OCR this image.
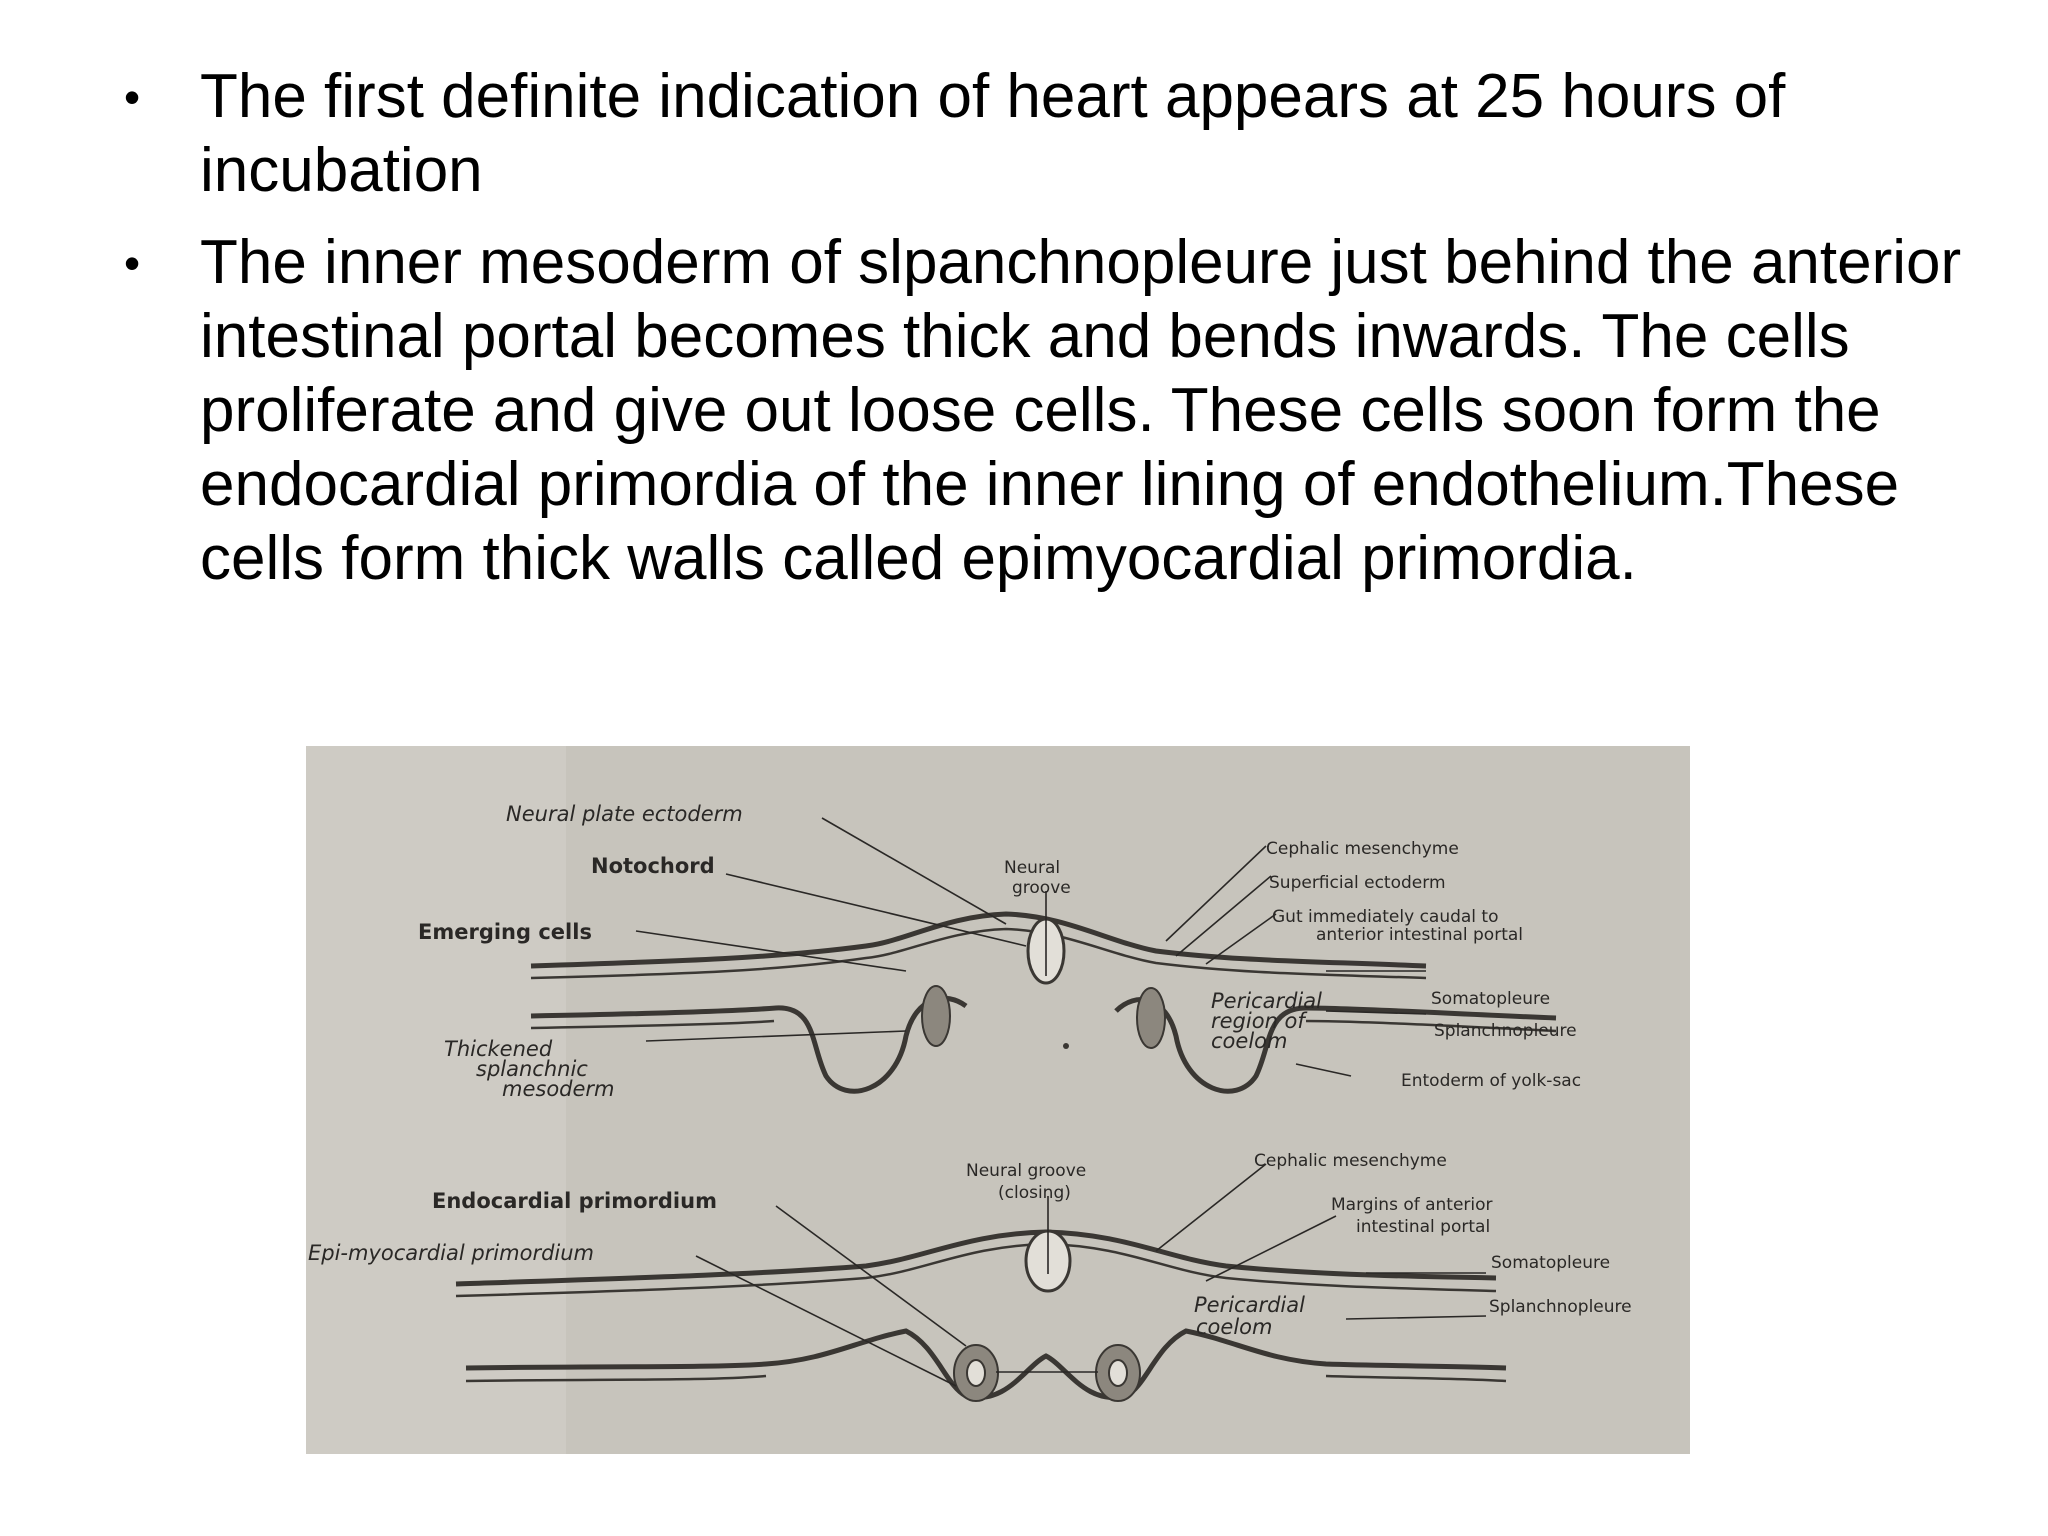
• The first definite indication of heart appears at 25 hours of incubation
• The inner mesoderm of slpanchnopleure just behind the anterior intestinal portal becomes thick and bends inwards. The cells proliferate and give out loose cells. These cells soon form the endocardial primordia of the inner lining of endothelium.These cells form thick walls called epimyocardial primordia.
Neural plate ectoderm
Notochord	Neural
groove
Emerging cells
Thickened
splanchnic
mesoderm
Cephalic mesenchyme
Superficial ectoderm
Gut immediately caudal to
anterior intestinal portal
Pericardial
region of
coelom
Somatopleure
Splanchnopleure
Entoderm of yolk-sac
Neural groove
(closing)
Endocardial primordium
Epi-myocardial primordium
Cephalic mesenchyme
Margins of anterior
intestinal portal
Somatopleure
Pericardial
coelom
Splanchnopleure
